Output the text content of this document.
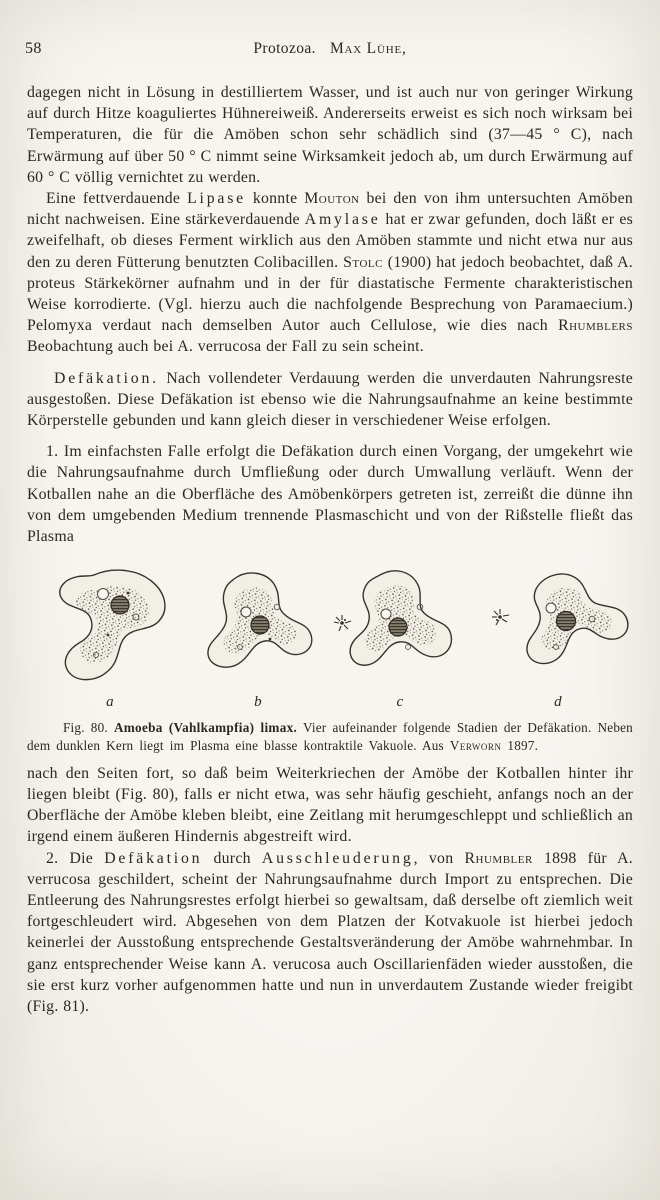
58	Protozoa. Max Lühe,

dagegen nicht in Lösung in destilliertem Wasser, und ist auch nur von geringer Wirkung auf durch Hitze koaguliertes Hühnereiweiß. Andererseits erweist es sich noch wirksam bei Temperaturen, die für die Amöben schon sehr schädlich sind (37—45 ° C), nach Erwärmung auf über 50 ° C nimmt seine Wirksamkeit jedoch ab, um durch Erwärmung auf 60 ° C völlig vernichtet zu werden.

Eine fettverdauende Lipase konnte Mouton bei den von ihm untersuchten Amöben nicht nachweisen. Eine stärkeverdauende Amylase hat er zwar gefunden, doch läßt er es zweifelhaft, ob dieses Ferment wirklich aus den Amöben stammte und nicht etwa nur aus den zu deren Fütterung benutzten Colibacillen. Stolc (1900) hat jedoch beobachtet, daß A. proteus Stärkekörner aufnahm und in der für diastatische Fermente charakteristischen Weise korrodierte. (Vgl. hierzu auch die nachfolgende Besprechung von Paramaecium.) Pelomyxa verdaut nach demselben Autor auch Cellulose, wie dies nach Rhumblers Beobachtung auch bei A. verrucosa der Fall zu sein scheint.

Defäkation. Nach vollendeter Verdauung werden die unverdauten Nahrungsreste ausgestoßen. Diese Defäkation ist ebenso wie die Nahrungsaufnahme an keine bestimmte Körperstelle gebunden und kann gleich dieser in verschiedener Weise erfolgen.

1. Im einfachsten Falle erfolgt die Defäkation durch einen Vorgang, der umgekehrt wie die Nahrungsaufnahme durch Umfließung oder durch Umwallung verläuft. Wenn der Kotballen nahe an die Oberfläche des Amöbenkörpers getreten ist, zerreißt die dünne ihn von dem umgebenden Medium trennende Plasmaschicht und von der Rißstelle fließt das Plasma

a	b	c	d
Fig. 80. Amoeba (Vahlkampfia) limax. Vier aufeinander folgende Stadien der Defäkation. Neben dem dunklen Kern liegt im Plasma eine blasse kontraktile Vakuole. Aus Verworn 1897.

nach den Seiten fort, so daß beim Weiterkriechen der Amöbe der Kotballen hinter ihr liegen bleibt (Fig. 80), falls er nicht etwa, was sehr häufig geschieht, anfangs noch an der Oberfläche der Amöbe kleben bleibt, eine Zeitlang mit herumgeschleppt und schließlich an irgend einem äußeren Hindernis abgestreift wird.

2. Die Defäkation durch Ausschleuderung, von Rhumbler 1898 für A. verrucosa geschildert, scheint der Nahrungsaufnahme durch Import zu entsprechen. Die Entleerung des Nahrungsrestes erfolgt hierbei so gewaltsam, daß derselbe oft ziemlich weit fortgeschleudert wird. Abgesehen von dem Platzen der Kotvakuole ist hierbei jedoch keinerlei der Ausstoßung entsprechende Gestaltsveränderung der Amöbe wahrnehmbar. In ganz entsprechender Weise kann A. verucosa auch Oscillarienfäden wieder ausstoßen, die sie erst kurz vorher aufgenommen hatte und nun in unverdautem Zustande wieder freigibt (Fig. 81).
